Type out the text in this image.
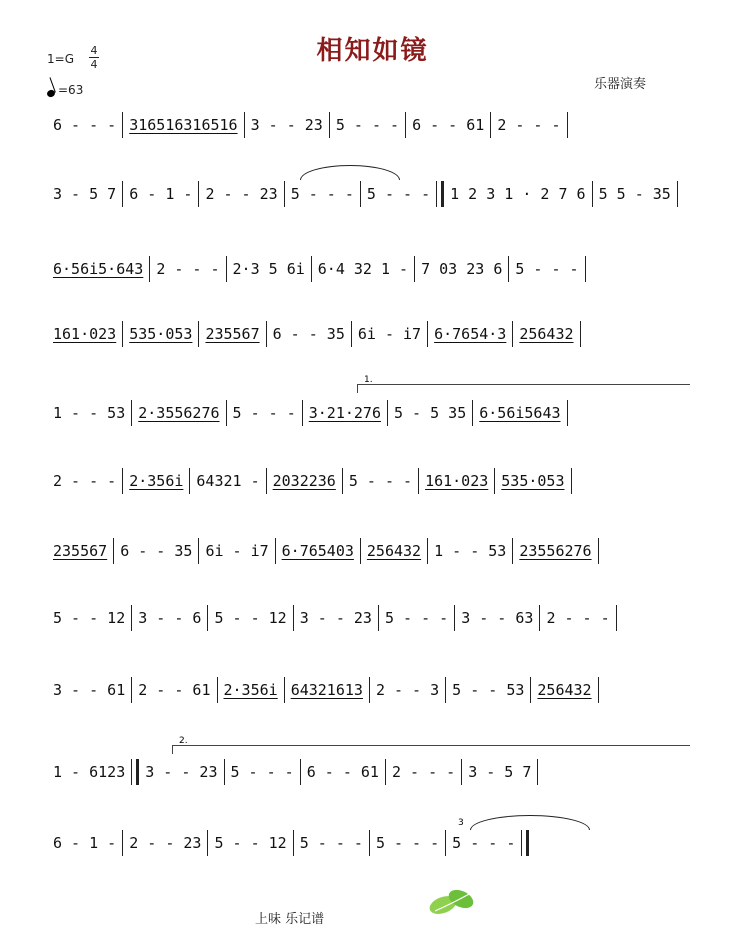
相知如镜
1=G
4
4
=63	乐器演奏
6 - - - 316516316516 3 - - 23 5 - - - 6 - - 61 2 - - -
3 - 5 7 6 - 1 - 2 - - 23 5 - - - 5 - - -	1 2 3 1 · 2 7 6 5 5 - 35
6·56i5·643 2 - - - 2·3 5 6i 6·4 32 1 - 7 03 23 6 5 - - -
161·023 535·053 235567 6 - - 35 6i - i7 6·7654·3 256432
1.
1 - - 53 2·3556276 5 - - - 3·21·276 5 - 5 35 6·56i5643
2 - - - 2·356i 64321 - 2032236 5 - - - 161·023 535·053
235567 6 - - 35 6i - i7 6·765403 256432 1 - - 53 23556276
5 - - 12 3 - - 6 5 - - 12 3 - - 23 5 - - - 3 - - 63 2 - - -
3 - - 61 2 - - 61 2·356i 64321613 2 - - 3 5 - - 53 256432
2.
1 - 6123	3 - - 23 5 - - - 6 - - 61 2 - - - 3 - 5 7
3
6 - 1 - 2 - - 23 5 - - 12 5 - - - 5 - - - 5 - - -
上味 乐记谱
